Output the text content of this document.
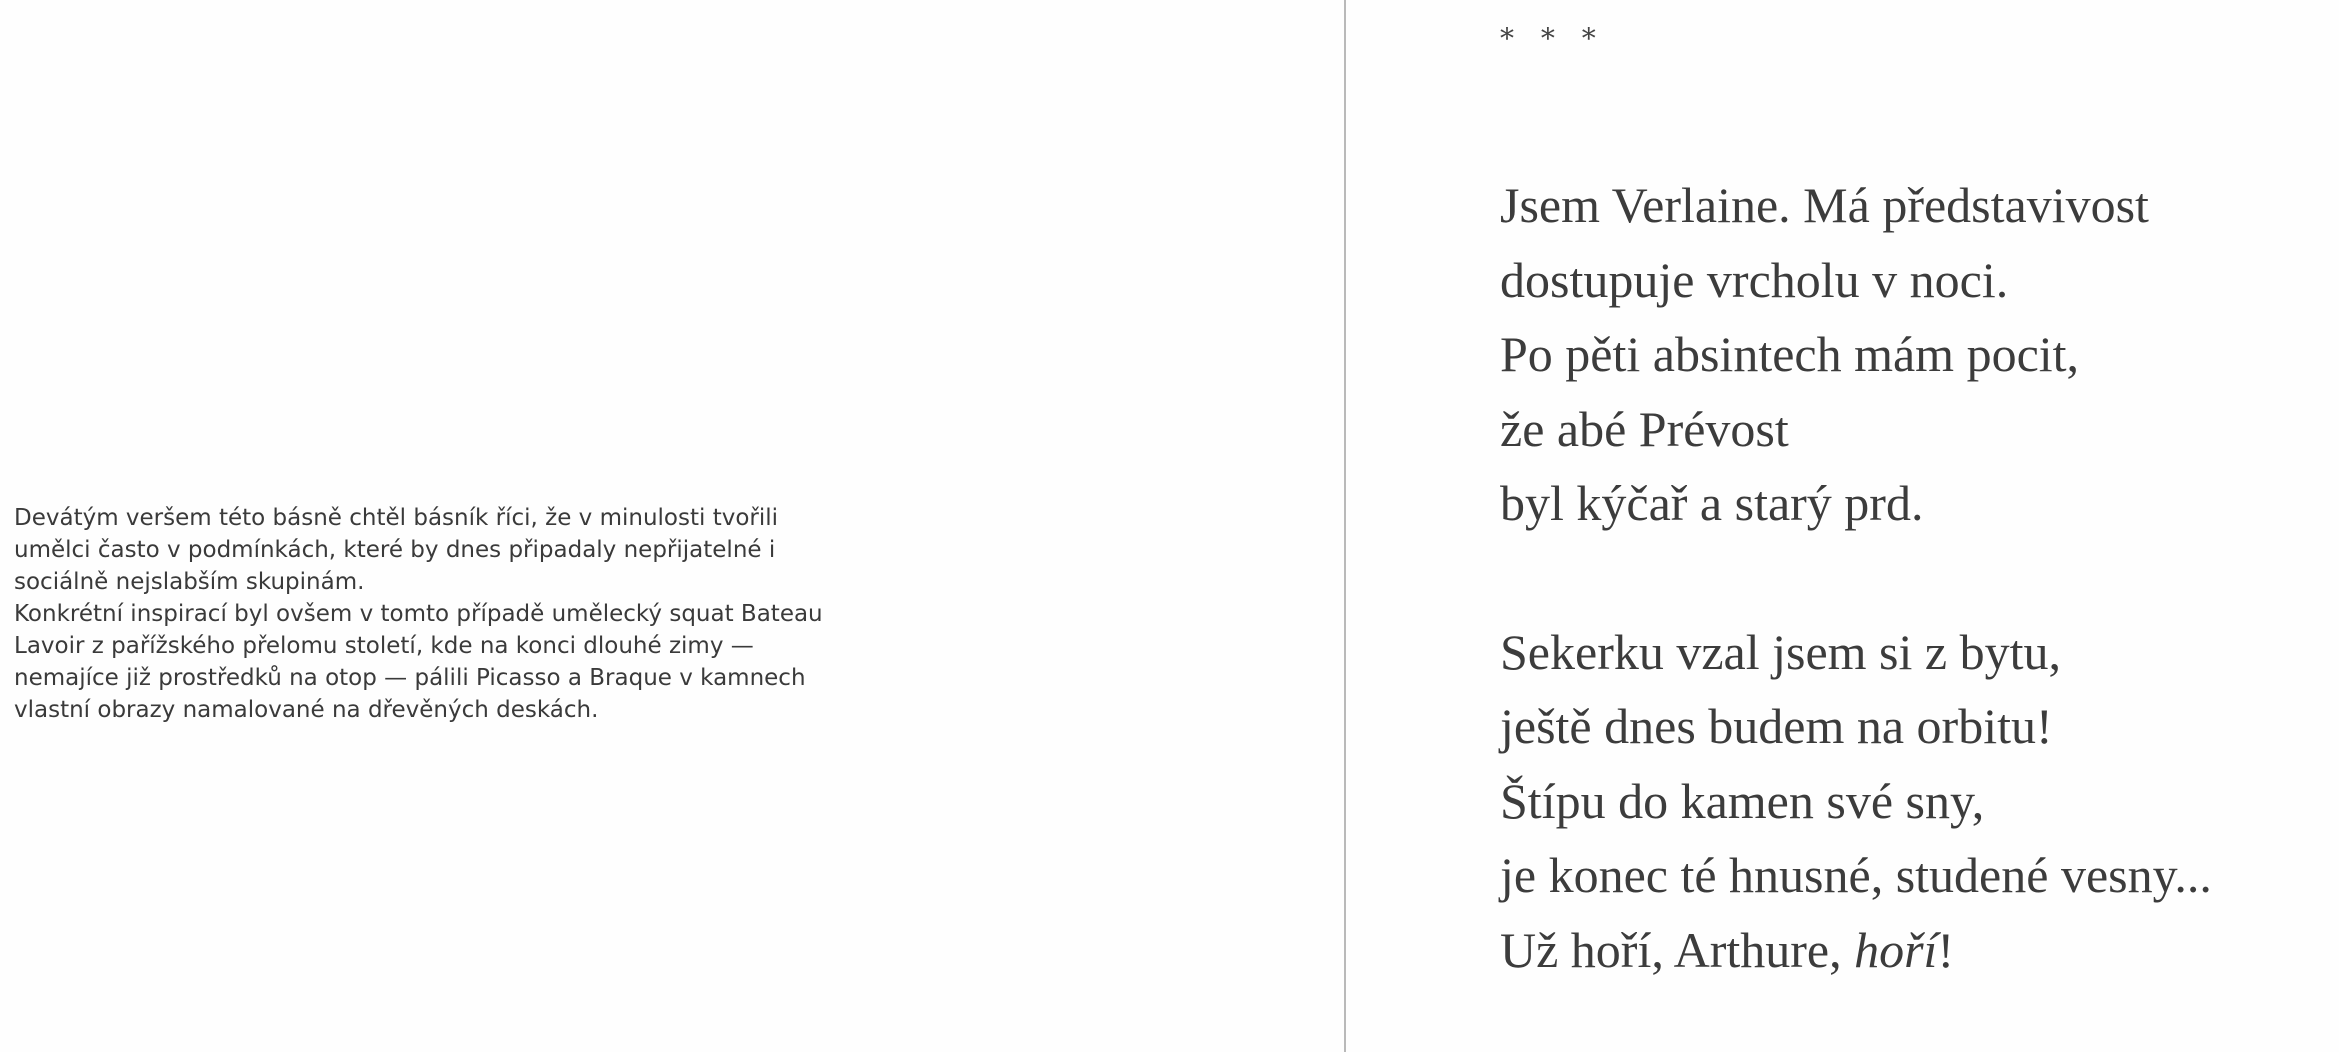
Devátým veršem této básně chtěl básník říci, že v minulosti tvořili
umělci často v podmínkách, které by dnes připadaly nepřijatelné i
sociálně nejslabším skupinám.
Konkrétní inspirací byl ovšem v tomto případě umělecký squat Bateau
Lavoir z pařížského přelomu století, kde na konci dlouhé zimy —
nemajíce již prostředků na otop — pálili Picasso a Braque v kamnech
vlastní obrazy namalované na dřevěných deskách.
* * *

Jsem Verlaine. Má představivost
dostupuje vrcholu v noci.
Po pěti absintech mám pocit,
že abé Prévost
byl kýčař a starý prd.

Sekerku vzal jsem si z bytu,
ještě dnes budem na orbitu!
Štípu do kamen své sny,
je konec té hnusné, studené vesny...
Už hoří, Arthure, hoří!
